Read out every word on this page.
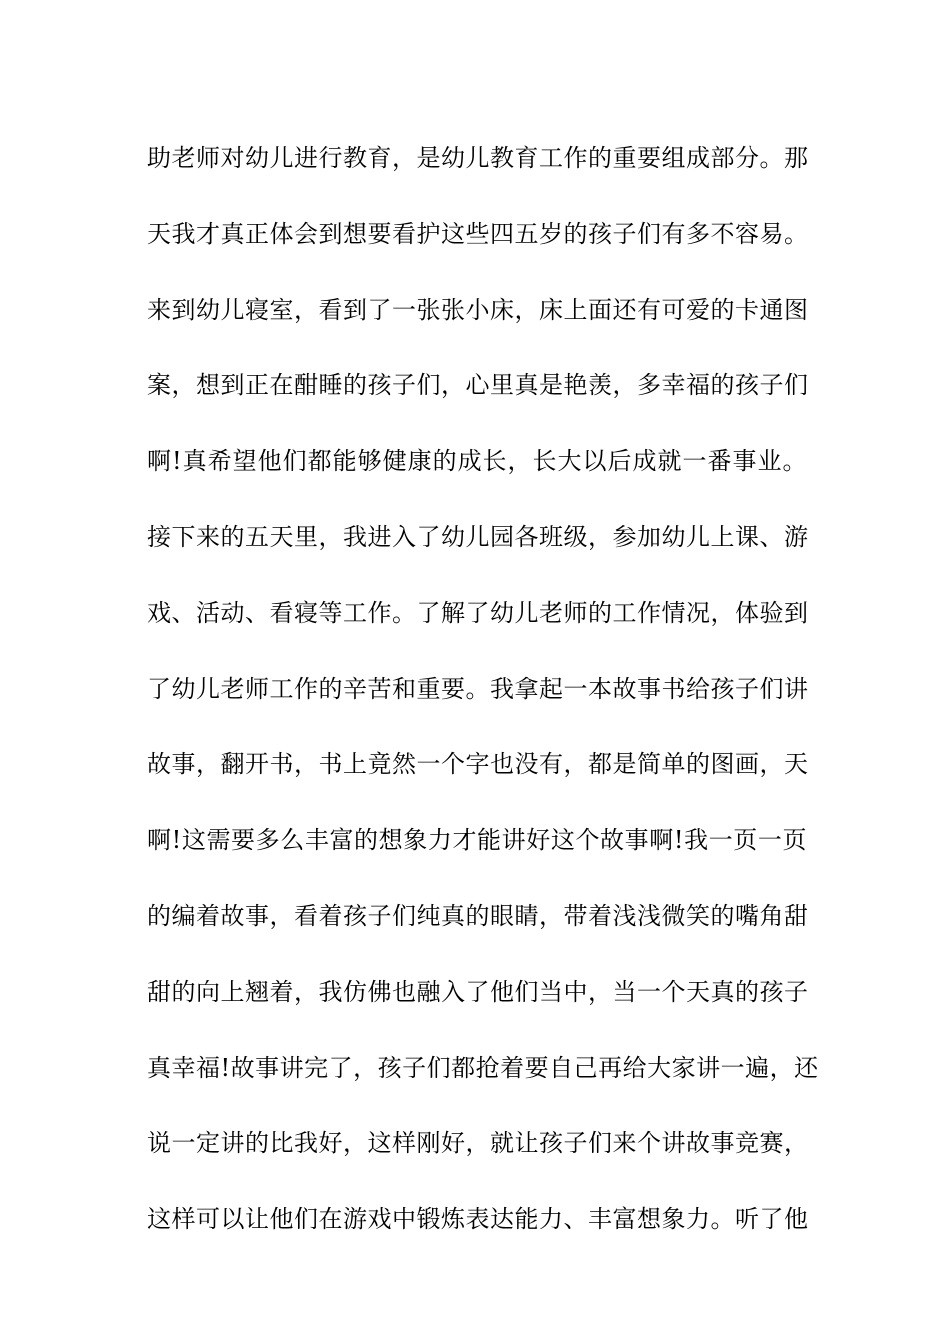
助老师对幼儿进行教育，是幼儿教育工作的重要组成部分。那
天我才真正体会到想要看护这些四五岁的孩子们有多不容易。
来到幼儿寝室，看到了一张张小床，床上面还有可爱的卡通图
案，想到正在酣睡的孩子们，心里真是艳羡，多幸福的孩子们
啊!真希望他们都能够健康的成长，长大以后成就一番事业。
接下来的五天里，我进入了幼儿园各班级，参加幼儿上课、游
戏、活动、看寝等工作。了解了幼儿老师的工作情况，体验到
了幼儿老师工作的辛苦和重要。我拿起一本故事书给孩子们讲
故事，翻开书，书上竟然一个字也没有，都是简单的图画，天
啊!这需要多么丰富的想象力才能讲好这个故事啊!我一页一页
的编着故事，看着孩子们纯真的眼睛，带着浅浅微笑的嘴角甜
甜的向上翘着，我仿佛也融入了他们当中，当一个天真的孩子
真幸福!故事讲完了，孩子们都抢着要自己再给大家讲一遍，还
说一定讲的比我好，这样刚好，就让孩子们来个讲故事竞赛，
这样可以让他们在游戏中锻炼表达能力、丰富想象力。听了他
